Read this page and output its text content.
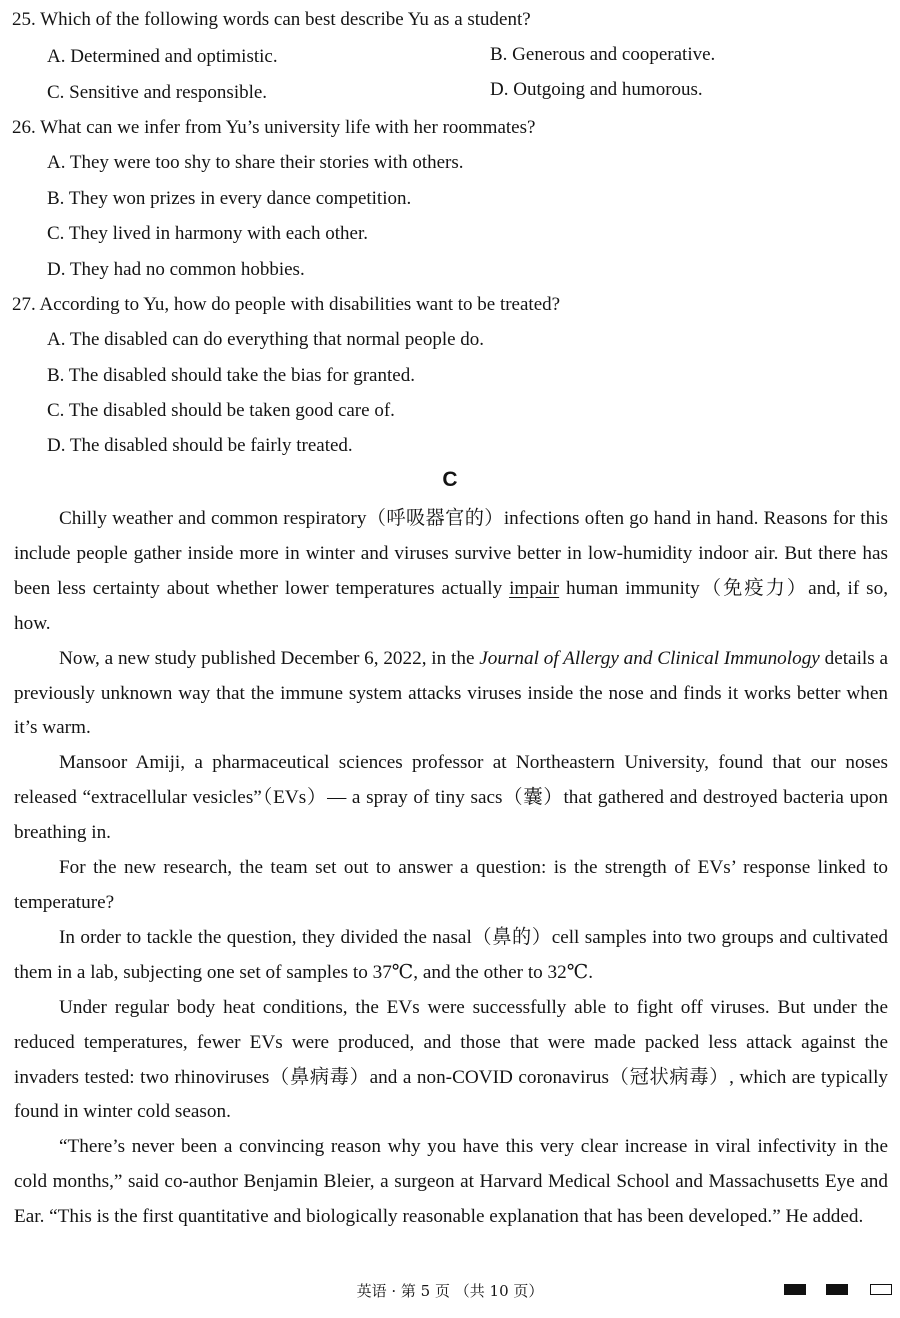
25. Which of the following words can best describe Yu as a student?
A. Determined and optimistic.	B. Generous and cooperative.
C. Sensitive and responsible.	D. Outgoing and humorous.
26. What can we infer from Yu’s university life with her roommates?
A. They were too shy to share their stories with others.
B. They won prizes in every dance competition.
C. They lived in harmony with each other.
D. They had no common hobbies.
27. According to Yu, how do people with disabilities want to be treated?
A. The disabled can do everything that normal people do.
B. The disabled should take the bias for granted.
C. The disabled should be taken good care of.
D. The disabled should be fairly treated.
C

Chilly weather and common respiratory（呼吸器官的）infections often go hand in hand. Reasons for this include people gather inside more in winter and viruses survive better in low-humidity indoor air. But there has been less certainty about whether lower temperatures actually impair human immunity（免疫力）and, if so, how.

Now, a new study published December 6, 2022, in the Journal of Allergy and Clinical Immunology details a previously unknown way that the immune system attacks viruses inside the nose and finds it works better when it’s warm.

Mansoor Amiji, a pharmaceutical sciences professor at Northeastern University, found that our noses released “extracellular vesicles”（EVs）— a spray of tiny sacs（囊）that gathered and destroyed bacteria upon breathing in.

For the new research, the team set out to answer a question: is the strength of EVs’ response linked to temperature?

In order to tackle the question, they divided the nasal（鼻的）cell samples into two groups and cultivated them in a lab, subjecting one set of samples to 37℃, and the other to 32℃.

Under regular body heat conditions, the EVs were successfully able to fight off viruses. But under the reduced temperatures, fewer EVs were produced, and those that were made packed less attack against the invaders tested: two rhinoviruses（鼻病毒）and a non-COVID coronavirus（冠状病毒）, which are typically found in winter cold season.

“There’s never been a convincing reason why you have this very clear increase in viral infectivity in the cold months,” said co-author Benjamin Bleier, a surgeon at Harvard Medical School and Massachusetts Eye and Ear. “This is the first quantitative and biologically reasonable explanation that has been developed.” He added.

英语 · 第 5 页 （共 10 页）
